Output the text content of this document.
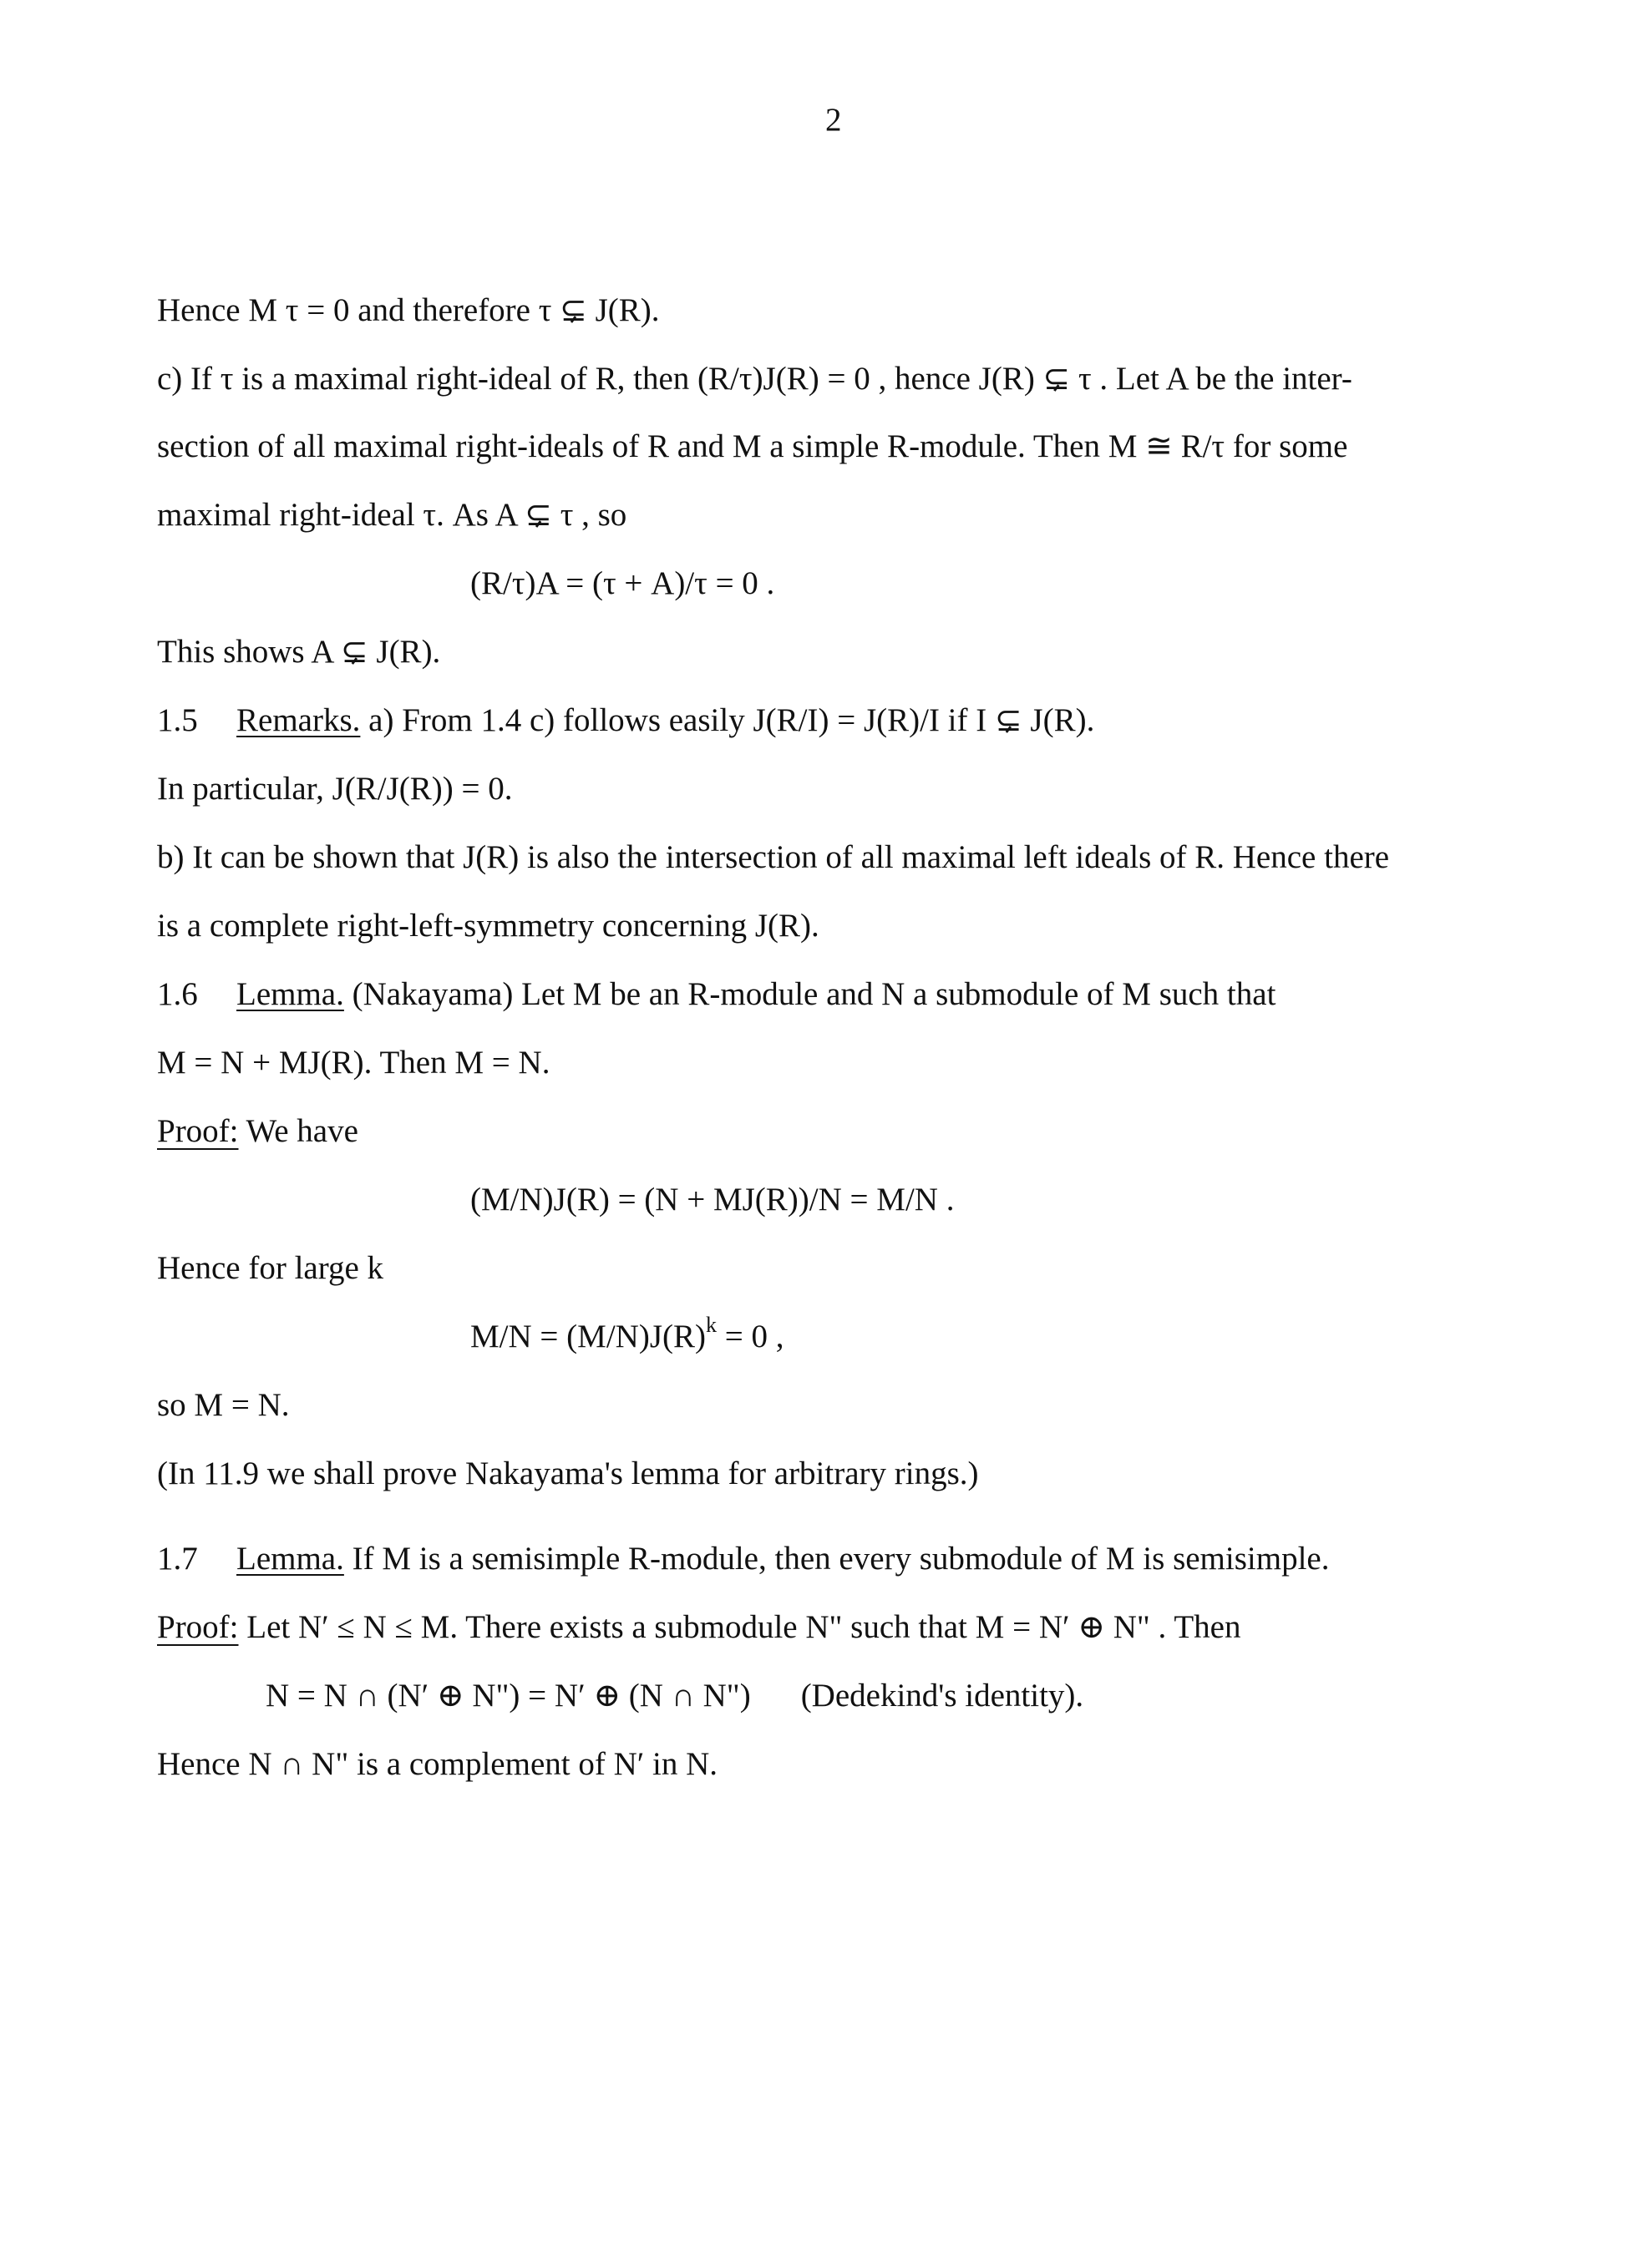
2
Hence M τ = 0 and therefore τ ⊊ J(R).
c) If τ is a maximal right-ideal of R, then (R/τ)J(R) = 0 , hence J(R) ⊊ τ . Let A be the inter-
section of all maximal right-ideals of R and M a simple R-module. Then M ≅ R/τ for some
maximal right-ideal τ. As A ⊊ τ , so
(R/τ)A = (τ + A)/τ = 0 .
This shows A ⊊ J(R).
1.5 Remarks. a) From 1.4 c) follows easily J(R/I) = J(R)/I if I ⊊ J(R).
In particular, J(R/J(R)) = 0.
b) It can be shown that J(R) is also the intersection of all maximal left ideals of R. Hence there
is a complete right-left-symmetry concerning J(R).
1.6 Lemma. (Nakayama) Let M be an R-module and N a submodule of M such that
M = N + MJ(R). Then M = N.
Proof: We have
(M/N)J(R) = (N + MJ(R))/N = M/N .
Hence for large k
$M/N = (M/N)J(R)^k = 0$ ,
so M = N.
(In 11.9 we shall prove Nakayama's lemma for arbitrary rings.)
1.7 Lemma. If M is a semisimple R-module, then every submodule of M is semisimple.
Proof: Let N′ ≤ N ≤ M. There exists a submodule N" such that M = N′ ⊕ N" . Then
N = N ∩ (N′ ⊕ N") = N′ ⊕ (N ∩ N") (Dedekind's identity).
Hence N ∩ N" is a complement of N′ in N.
